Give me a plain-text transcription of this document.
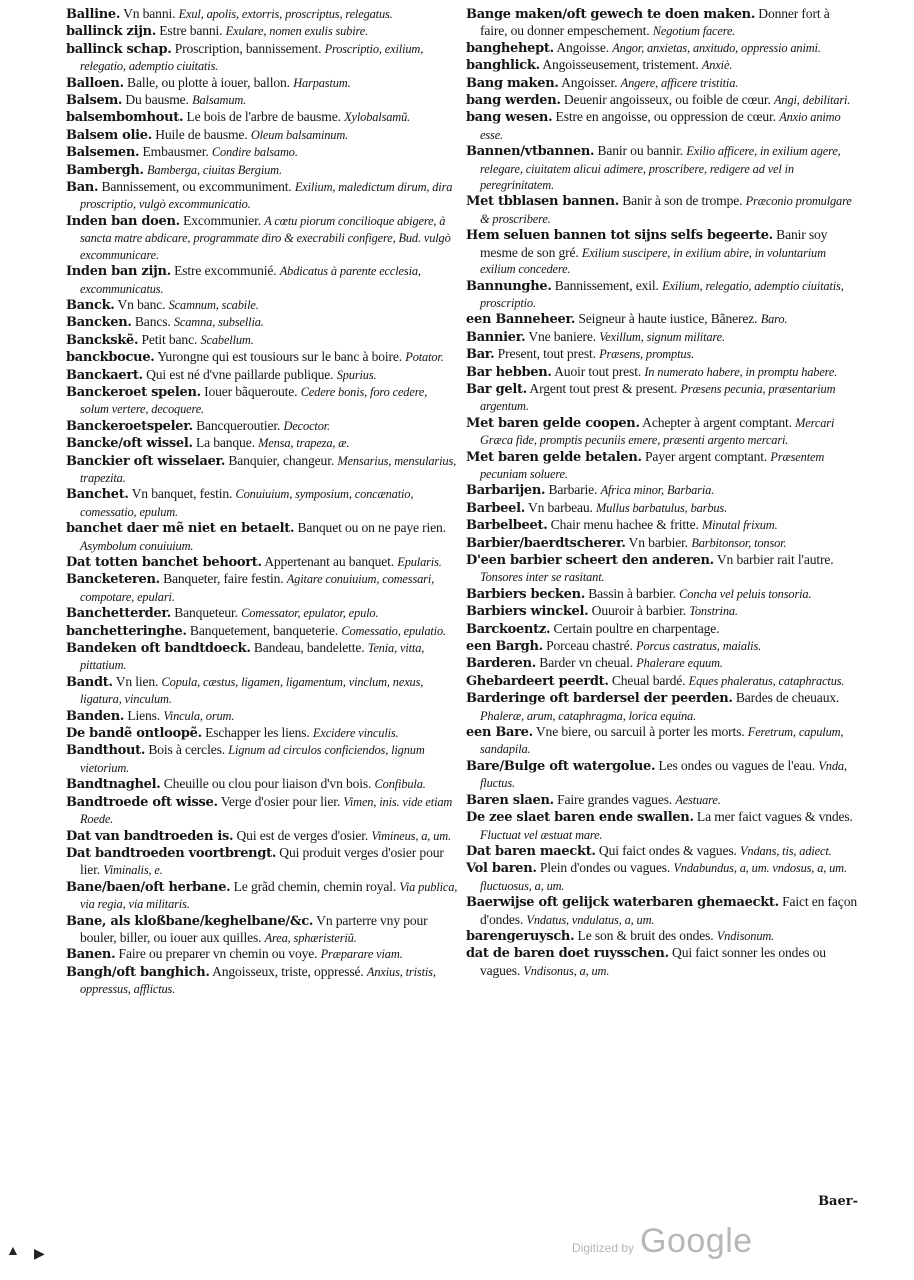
Balline. Vn banni. Exul, apolis, extorris, proscriptus, relegatus.

ballinck zijn. Estre banni. Exulare, nomen exulis subire.

ballinck schap. Proscription, bannissement. Proscriptio, exilium, relegatio, ademptio ciuitatis.

Balloen. Balle, ou plotte à iouer, ballon. Harpastum.

Balsem. Du bausme. Balsamum.

balsembomhout. Le bois de l'arbre de bausme. Xylobalsamũ.

Balsem olie. Huile de bausme. Oleum balsaminum.

Balsemen. Embausmer. Condire balsamo.

Bambergh. Bamberga, ciuitas Bergium.

Ban. Bannissement, ou excommuniment. Exilium, maledictum dirum, dira proscriptio, vulgò excommunicatio.

Inden ban doen. Excommunier. A cœtu piorum concilioque abigere, à sancta matre abdicare, programmate diro & execrabili configere, Bud. vulgò excommunicare.

Inden ban zijn. Estre excommunié. Abdicatus à parente ecclesia, excommunicatus.

Banck. Vn banc. Scamnum, scabile.

Bancken. Bancs. Scamna, subsellia.

Banckskẽ. Petit banc. Scabellum.

banckbocue. Yurongne qui est tousiours sur le banc à boire. Potator.

Banckaert. Qui est né d'vne paillarde publique. Spurius.

Banckeroet spelen. Iouer bãqueroute. Cedere bonis, foro cedere, solum vertere, decoquere.

Banckeroetspeler. Bancqueroutier. Decoctor.

Bancke/oft wissel. La banque. Mensa, trapeza, æ.

Banckier oft wisselaer. Banquier, changeur. Mensarius, mensularius, trapezita.

Banchet. Vn banquet, festin. Conuiuium, symposium, concænatio, comessatio, epulum.

banchet daer mẽ niet en betaelt. Banquet ou on ne paye rien. Asymbolum conuiuium.

Dat totten banchet behoort. Appertenant au banquet. Epularis.

Bancketeren. Banqueter, faire festin. Agitare conuiuium, comessari, compotare, epulari.

Banchetterder. Banqueteur. Comessator, epulator, epulo.

banchetteringhe. Banquetement, banqueterie. Comessatio, epulatio.

Bandeken oft bandtdoeck. Bandeau, bandelette. Tenia, vitta, pittatium.

Bandt. Vn lien. Copula, cæstus, ligamen, ligamentum, vinclum, nexus, ligatura, vinculum.

Banden. Liens. Vincula, orum.

De bandẽ ontloopẽ. Eschapper les liens. Excidere vinculis.

Bandthout. Bois à cercles. Lignum ad circulos conficiendos, lignum vietorium.

Bandtnaghel. Cheuille ou clou pour liaison d'vn bois. Confibula.

Bandtroede oft wisse. Verge d'osier pour lier. Vimen, inis. vide etiam Roede.

Dat van bandtroeden is. Qui est de verges d'osier. Vimineus, a, um.

Dat bandtroeden voortbrengt. Qui produit verges d'osier pour lier. Viminalis, e.

Bane/baen/oft herbane. Le grãd chemin, chemin royal. Via publica, via regia, via militaris.

Bane, als kloßbane/keghelbane/&c. Vn parterre vny pour bouler, biller, ou iouer aux quilles. Area, sphæristeriũ.

Banen. Faire ou preparer vn chemin ou voye. Præparare viam.

Bangh/oft banghich. Angoisseux, triste, oppressé. Anxius, tristis, oppressus, afflictus.

Bange maken/oft gewech te doen maken. Donner fort à faire, ou donner empeschement. Negotium facere.

banghehept. Angoisse. Angor, anxietas, anxitudo, oppressio animi.

banghlick. Angoisseusement, tristement. Anxiè.

Bang maken. Angoisser. Angere, afficere tristitia.

bang werden. Deuenir angoisseux, ou foible de cœur. Angi, debilitari.

bang wesen. Estre en angoisse, ou oppression de cœur. Anxio animo esse.

Bannen/vtbannen. Banir ou bannir. Exilio afficere, in exilium agere, relegare, ciuitatem alicui adimere, proscribere, redigere ad vel in peregrinitatem.

Met tbblasen bannen. Banir à son de trompe. Præconio promulgare & proscribere.

Hem seluen bannen tot sijns selfs begeerte. Banir soy mesme de son gré. Exilium suscipere, in exilium abire, in voluntarium exilium concedere.

Bannunghe. Bannissement, exil. Exilium, relegatio, ademptio ciuitatis, proscriptio.

een Banneheer. Seigneur à haute iustice, Bãnerez. Baro.

Bannier. Vne baniere. Vexillum, signum militare.

Bar. Present, tout prest. Præsens, promptus.

Bar hebben. Auoir tout prest. In numerato habere, in promptu habere.

Bar gelt. Argent tout prest & present. Præsens pecunia, præsentarium argentum.

Met baren gelde coopen. Achepter à argent comptant. Mercari Græca fide, promptis pecuniis emere, præsenti argento mercari.

Met baren gelde betalen. Payer argent comptant. Præsentem pecuniam soluere.

Barbarijen. Barbarie. Africa minor, Barbaria.

Barbeel. Vn barbeau. Mullus barbatulus, barbus.

Barbelbeet. Chair menu hachee & fritte. Minutal frixum.

Barbier/baerdtscherer. Vn barbier. Barbitonsor, tonsor.

D'een barbier scheert den anderen. Vn barbier rait l'autre. Tonsores inter se rasitant.

Barbiers becken. Bassin à barbier. Concha vel peluis tonsoria.

Barbiers winckel. Ouuroir à barbier. Tonstrina.

Barckoentz. Certain poultre en charpentage.

een Bargh. Porceau chastré. Porcus castratus, maialis.

Barderen. Barder vn cheual. Phalerare equum.

Ghebardeert peerdt. Cheual bardé. Eques phaleratus, cataphractus.

Barderinge oft bardersel der peerden. Bardes de cheuaux. Phaleræ, arum, cataphragma, lorica equina.

een Bare. Vne biere, ou sarcuil à porter les morts. Feretrum, capulum, sandapila.

Bare/Bulge oft watergolue. Les ondes ou vagues de l'eau. Vnda, fluctus.

Baren slaen. Faire grandes vagues. Aestuare.

De zee slaet baren ende swallen. La mer faict vagues & vndes. Fluctuat vel æstuat mare.

Dat baren maeckt. Qui faict ondes & vagues. Vndans, tis, adiect.

Vol baren. Plein d'ondes ou vagues. Vndabundus, a, um. vndosus, a, um. fluctuosus, a, um.

Baerwijse oft gelijck waterbaren ghemaeckt. Faict en façon d'ondes. Vndatus, vndulatus, a, um.

barengeruysch. Le son & bruit des ondes. Vndisonum.

dat de baren doet ruysschen. Qui faict sonner les ondes ou vagues. Vndisonus, a, um.

Baer-
▲ ▶	Digitized by Google
